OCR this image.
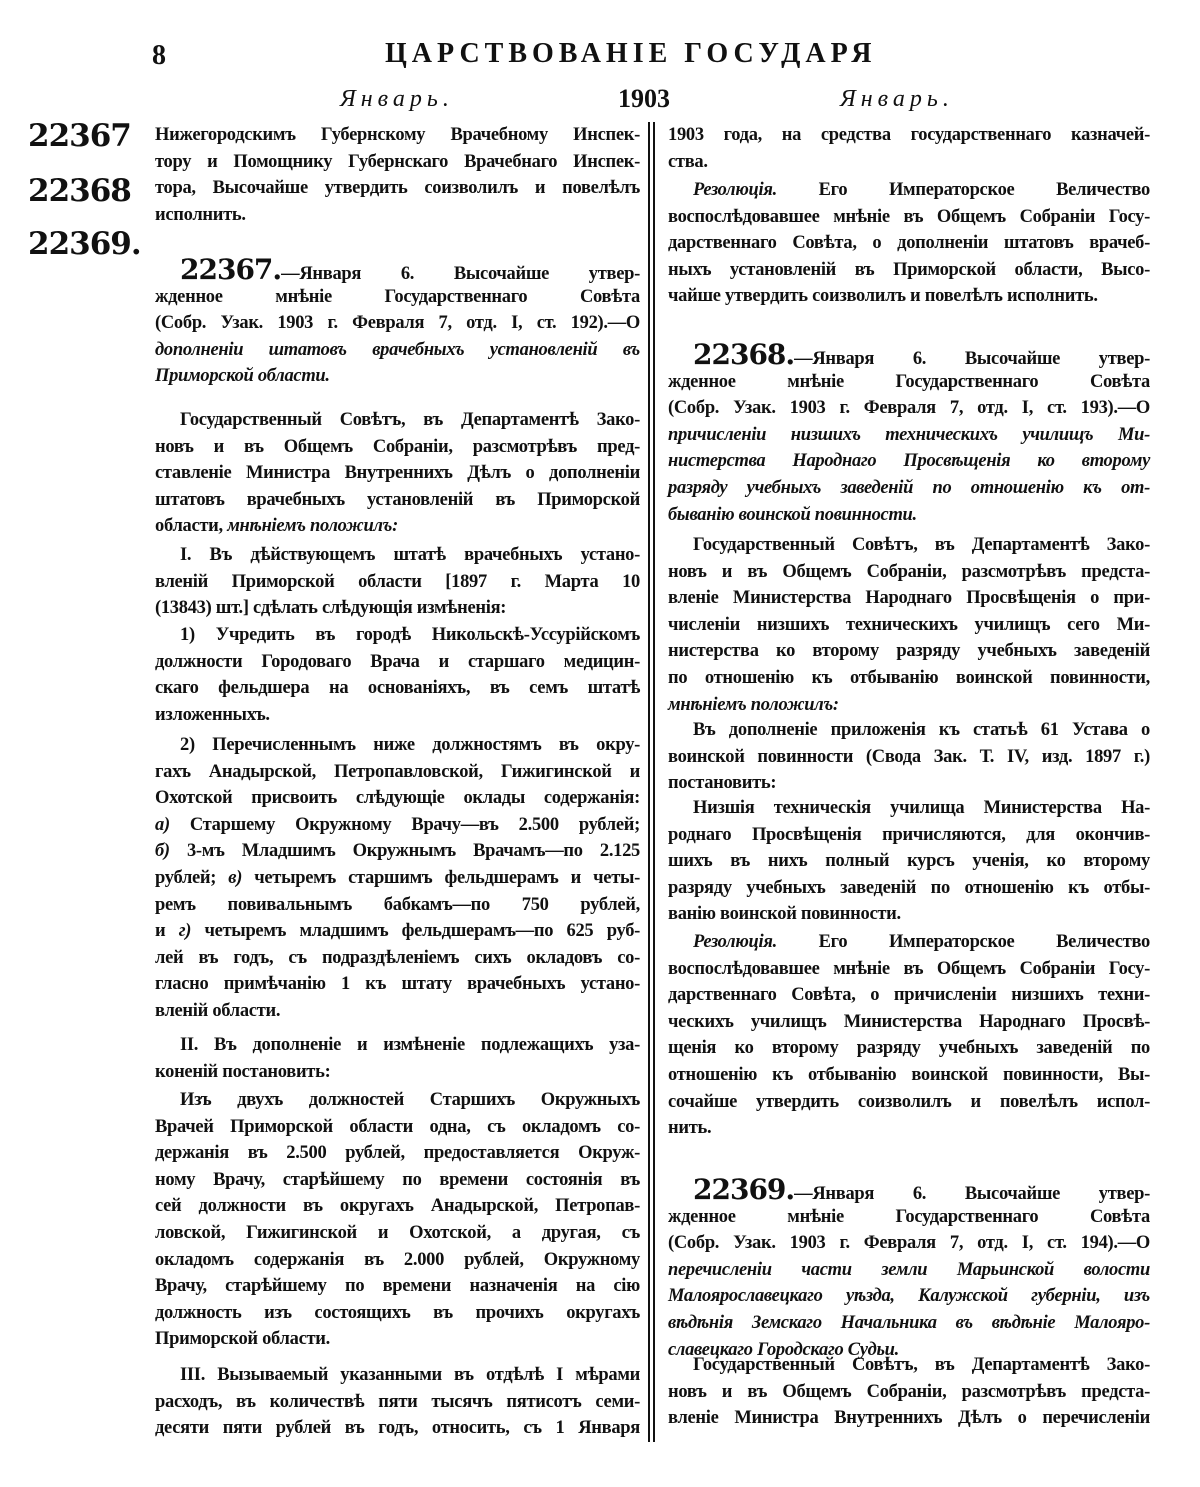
8	ЦАРСТВОВАНІЕ ГОСУДАРЯ
Январь.	1903	Январь.
22367
22368
22369.
Нижегородскимъ Губернскому Врачебному Инспек-
тору и Помощнику Губернскаго Врачебнаго Инспек-
тора, Высочайше утвердить соизволилъ и повелѣлъ
исполнить.
22367.—Января 6. Высочайше утвер-
жденное мнѣніе Государственнаго Совѣта
(Собр. Узак. 1903 г. Февраля 7, отд. I, ст. 192).—О
дополненіи штатовъ врачебныхъ установленій въ
Приморской области.
Государственный Совѣтъ, въ Департаментѣ Зако-
новъ и въ Общемъ Собраніи, разсмотрѣвъ пред-
ставленіе Министра Внутреннихъ Дѣлъ о дополненіи
штатовъ врачебныхъ установленій въ Приморской
области, мнѣніемъ положилъ:
I. Въ дѣйствующемъ штатѣ врачебныхъ устано-
вленій Приморской области [1897 г. Марта 10
(13843) шт.] сдѣлать слѣдующія измѣненія:
1) Учредить въ городѣ Никольскѣ-Уссурійскомъ
должности Городоваго Врача и старшаго медицин-
скаго фельдшера на основаніяхъ, въ семъ штатѣ
изложенныхъ.
2) Перечисленнымъ ниже должностямъ въ окру-
гахъ Анадырской, Петропавловской, Гижигинской и
Охотской присвоить слѣдующіе оклады содержанія:
а) Старшему Окружному Врачу—въ 2.500 рублей;
б) 3-мъ Младшимъ Окружнымъ Врачамъ—по 2.125
рублей; в) четыремъ старшимъ фельдшерамъ и четы-
ремъ повивальнымъ бабкамъ—по 750 рублей,
и г) четыремъ младшимъ фельдшерамъ—по 625 руб-
лей въ годъ, съ подраздѣленіемъ сихъ окладовъ со-
гласно примѣчанію 1 къ штату врачебныхъ устано-
вленій области.
II. Въ дополненіе и измѣненіе подлежащихъ уза-
коненій постановить:
Изъ двухъ должностей Старшихъ Окружныхъ
Врачей Приморской области одна, съ окладомъ со-
держанія въ 2.500 рублей, предоставляется Окруж-
ному Врачу, старѣйшему по времени состоянія въ
сей должности въ округахъ Анадырской, Петропав-
ловской, Гижигинской и Охотской, а другая, съ
окладомъ содержанія въ 2.000 рублей, Окружному
Врачу, старѣйшему по времени назначенія на сію
должность изъ состоящихъ въ прочихъ округахъ
Приморской области.
III. Вызываемый указанными въ отдѣлѣ I мѣрами
расходъ, въ количествѣ пяти тысячъ пятисотъ семи-
десяти пяти рублей въ годъ, относить, съ 1 Января
1903 года, на средства государственнаго казначей-
ства.
Резолюція. Его Императорское Величество
воспослѣдовавшее мнѣніе въ Общемъ Собраніи Госу-
дарственнаго Совѣта, о дополненіи штатовъ врачеб-
ныхъ установленій въ Приморской области, Высо-
чайше утвердить соизволилъ и повелѣлъ исполнить.
22368.—Января 6. Высочайше утвер-
жденное мнѣніе Государственнаго Совѣта
(Собр. Узак. 1903 г. Февраля 7, отд. I, ст. 193).—О
причисленіи низшихъ техническихъ училищъ Ми-
нистерства Народнаго Просвѣщенія ко второму
разряду учебныхъ заведеній по отношенію къ от-
быванію воинской повинности.
Государственный Совѣтъ, въ Департаментѣ Зако-
новъ и въ Общемъ Собраніи, разсмотрѣвъ предста-
вленіе Министерства Народнаго Просвѣщенія о при-
численіи низшихъ техническихъ училищъ сего Ми-
нистерства ко второму разряду учебныхъ заведеній
по отношенію къ отбыванію воинской повинности,
мнѣніемъ положилъ:
Въ дополненіе приложенія къ статьѣ 61 Устава о
воинской повинности (Свода Зак. Т. IV, изд. 1897 г.)
постановить:
Низшія техническія училища Министерства На-
роднаго Просвѣщенія причисляются, для окончив-
шихъ въ нихъ полный курсъ ученія, ко второму
разряду учебныхъ заведеній по отношенію къ отбы-
ванію воинской повинности.
Резолюція. Его Императорское Величество
воспослѣдовавшее мнѣніе въ Общемъ Собраніи Госу-
дарственнаго Совѣта, о причисленіи низшихъ техни-
ческихъ училищъ Министерства Народнаго Просвѣ-
щенія ко второму разряду учебныхъ заведеній по
отношенію къ отбыванію воинской повинности, Вы-
сочайше утвердить соизволилъ и повелѣлъ испол-
нить.
22369.—Января 6. Высочайше утвер-
жденное мнѣніе Государственнаго Совѣта
(Собр. Узак. 1903 г. Февраля 7, отд. I, ст. 194).—О
перечисленіи части земли Марьинской волости
Малоярославецкаго уѣзда, Калужской губерніи, изъ
вѣдѣнія Земскаго Начальника въ вѣдѣніе Малояро-
славецкаго Городскаго Судьи.
Государственный Совѣтъ, въ Департаментѣ Зако-
новъ и въ Общемъ Собраніи, разсмотрѣвъ предста-
вленіе Министра Внутреннихъ Дѣлъ о перечисленіи
